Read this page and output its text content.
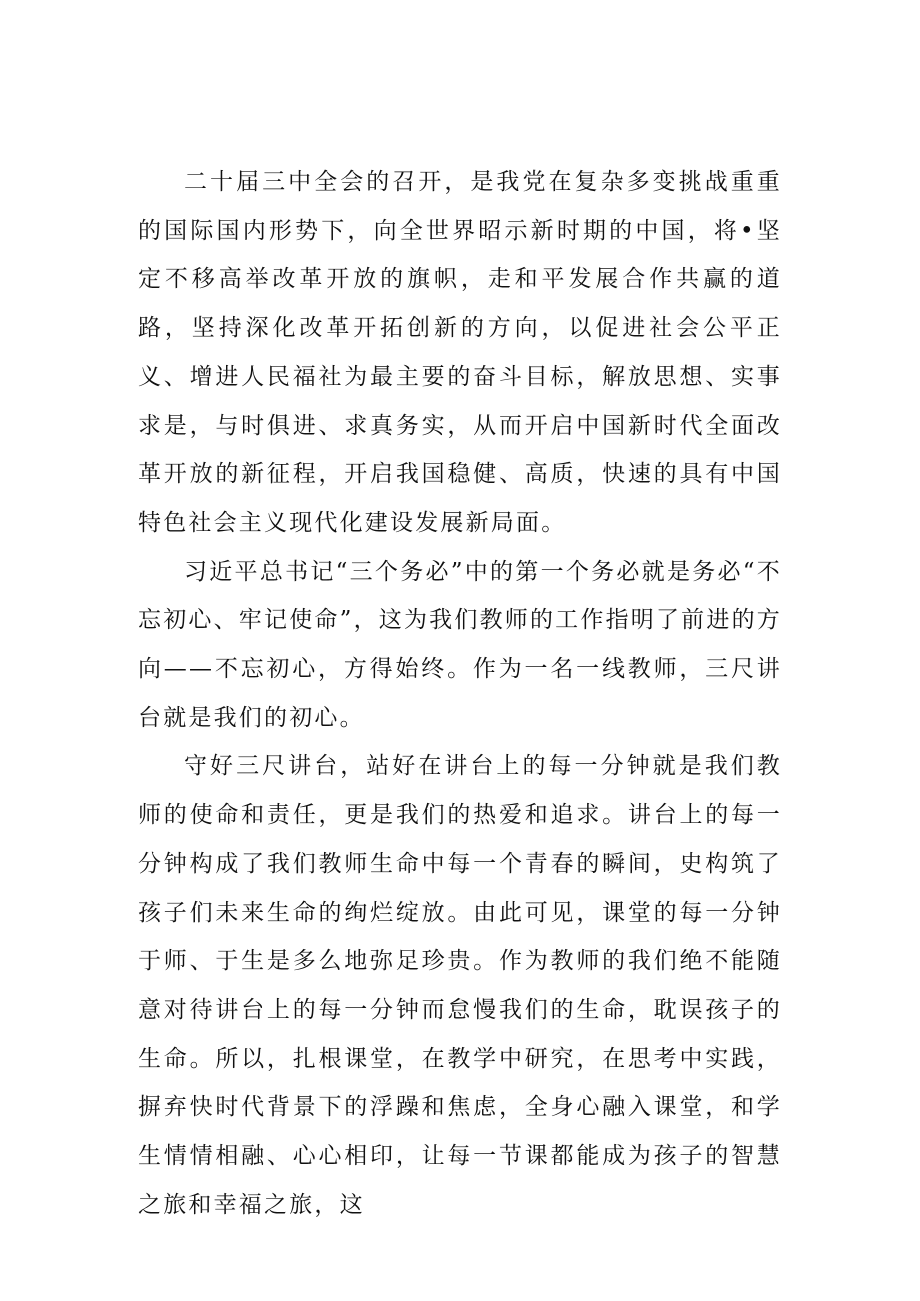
二十届三中全会的召开，是我党在复杂多变挑战重重的国际国内形势下，向全世界昭示新时期的中国，将•坚定不移高举改革开放的旗帜，走和平发展合作共赢的道路，坚持深化改革开拓创新的方向，以促进社会公平正义、增进人民福社为最主要的奋斗目标，解放思想、实事求是，与时俱进、求真务实，从而开启中国新时代全面改革开放的新征程，开启我国稳健、高质，快速的具有中国特色社会主义现代化建设发展新局面。

习近平总书记“三个务必”中的第一个务必就是务必“不忘初心、牢记使命”，这为我们教师的工作指明了前进的方向——不忘初心，方得始终。作为一名一线教师，三尺讲台就是我们的初心。

守好三尺讲台，站好在讲台上的每一分钟就是我们教师的使命和责任，更是我们的热爱和追求。讲台上的每一分钟构成了我们教师生命中每一个青春的瞬间，史构筑了孩子们未来生命的绚烂绽放。由此可见，课堂的每一分钟于师、于生是多么地弥足珍贵。作为教师的我们绝不能随意对待讲台上的每一分钟而怠慢我们的生命，耽误孩子的生命。所以，扎根课堂，在教学中研究，在思考中实践，摒弃快时代背景下的浮躁和焦虑，全身心融入课堂，和学生情情相融、心心相印，让每一节课都能成为孩子的智慧之旅和幸福之旅，这
